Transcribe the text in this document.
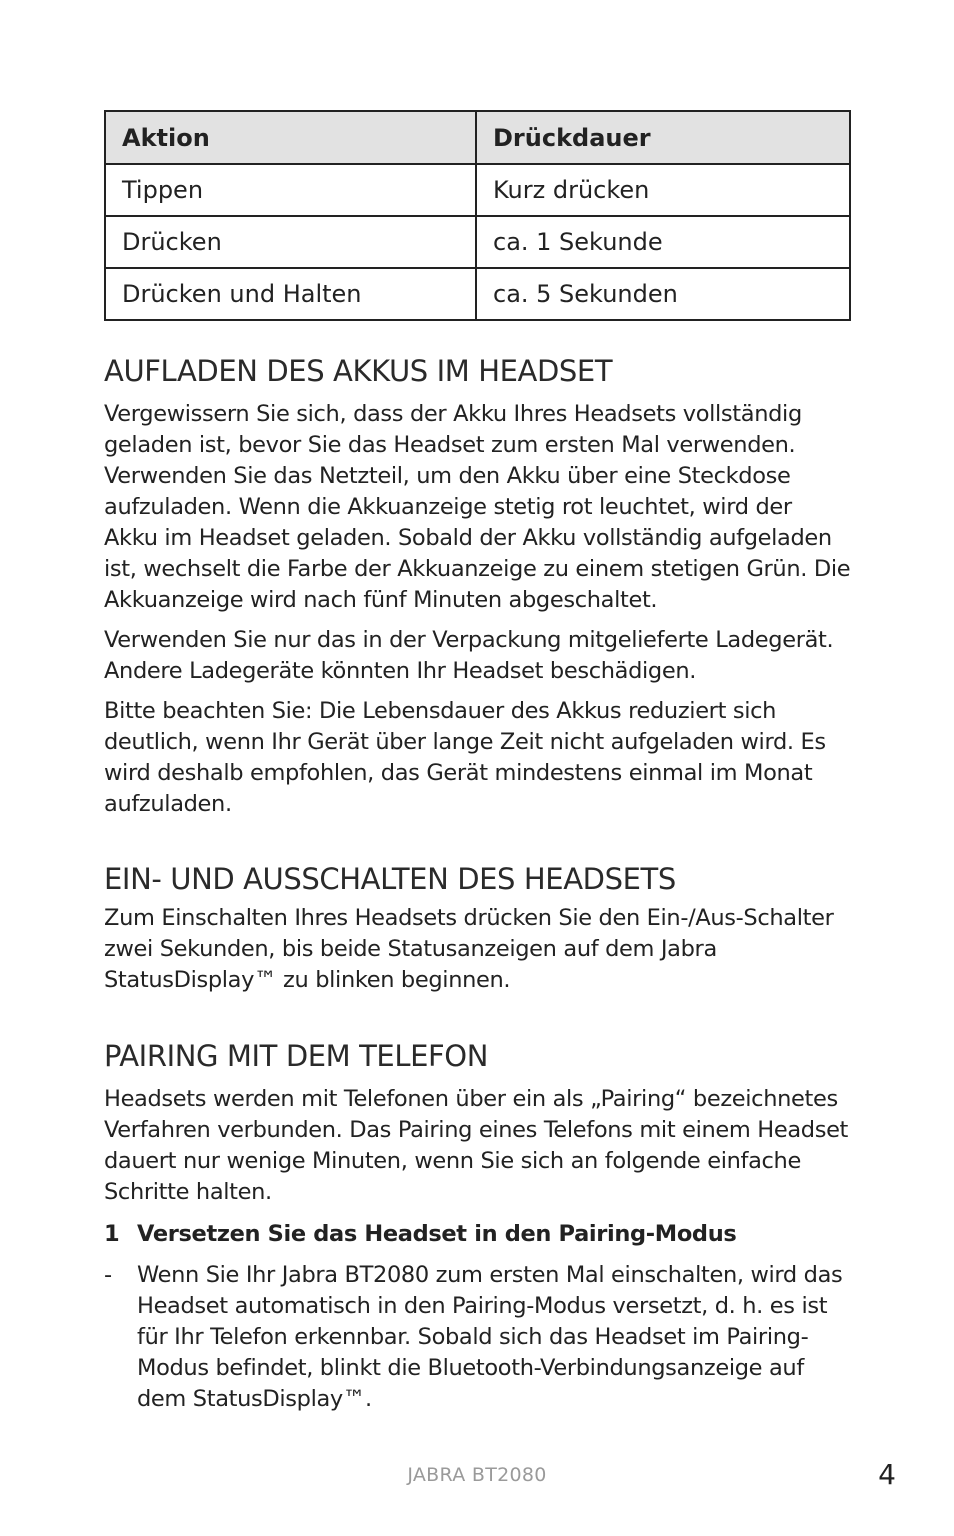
Aktion	Drückdauer
Tippen	Kurz drücken
Drücken	ca. 1 Sekunde
Drücken und Halten	ca. 5 Sekunden
AUFLADEN DES AKKUS IM HEADSET

Vergewissern Sie sich, dass der Akku Ihres Headsets vollständig geladen ist, bevor Sie das Headset zum ersten Mal verwenden. Verwenden Sie das Netzteil, um den Akku über eine Steckdose aufzuladen. Wenn die Akkuanzeige stetig rot leuchtet, wird der Akku im Headset geladen. Sobald der Akku vollständig aufgeladen ist, wechselt die Farbe der Akkuanzeige zu einem stetigen Grün. Die Akkuanzeige wird nach fünf Minuten abgeschaltet.

Verwenden Sie nur das in der Verpackung mitgelieferte Ladegerät. Andere Ladegeräte könnten Ihr Headset beschädigen.

Bitte beachten Sie: Die Lebensdauer des Akkus reduziert sich deutlich, wenn Ihr Gerät über lange Zeit nicht aufgeladen wird. Es wird deshalb empfohlen, das Gerät mindestens einmal im Monat aufzuladen.

EIN- UND AUSSCHALTEN DES HEADSETS

Zum Einschalten Ihres Headsets drücken Sie den Ein-/Aus-Schalter zwei Sekunden, bis beide Statusanzeigen auf dem Jabra StatusDisplay™ zu blinken beginnen.

PAIRING MIT DEM TELEFON

Headsets werden mit Telefonen über ein als „Pairing“ bezeichnetes Verfahren verbunden. Das Pairing eines Telefons mit einem Headset dauert nur wenige Minuten, wenn Sie sich an folgende einfache Schritte halten.

1 Versetzen Sie das Headset in den Pairing-Modus
-	Wenn Sie Ihr Jabra BT2080 zum ersten Mal einschalten, wird das Headset automatisch in den Pairing-Modus versetzt, d. h. es ist für Ihr Telefon erkennbar. Sobald sich das Headset im Pairing-Modus befindet, blinkt die Bluetooth-Verbindungsanzeige auf dem StatusDisplay™.
JABRA BT2080	4
